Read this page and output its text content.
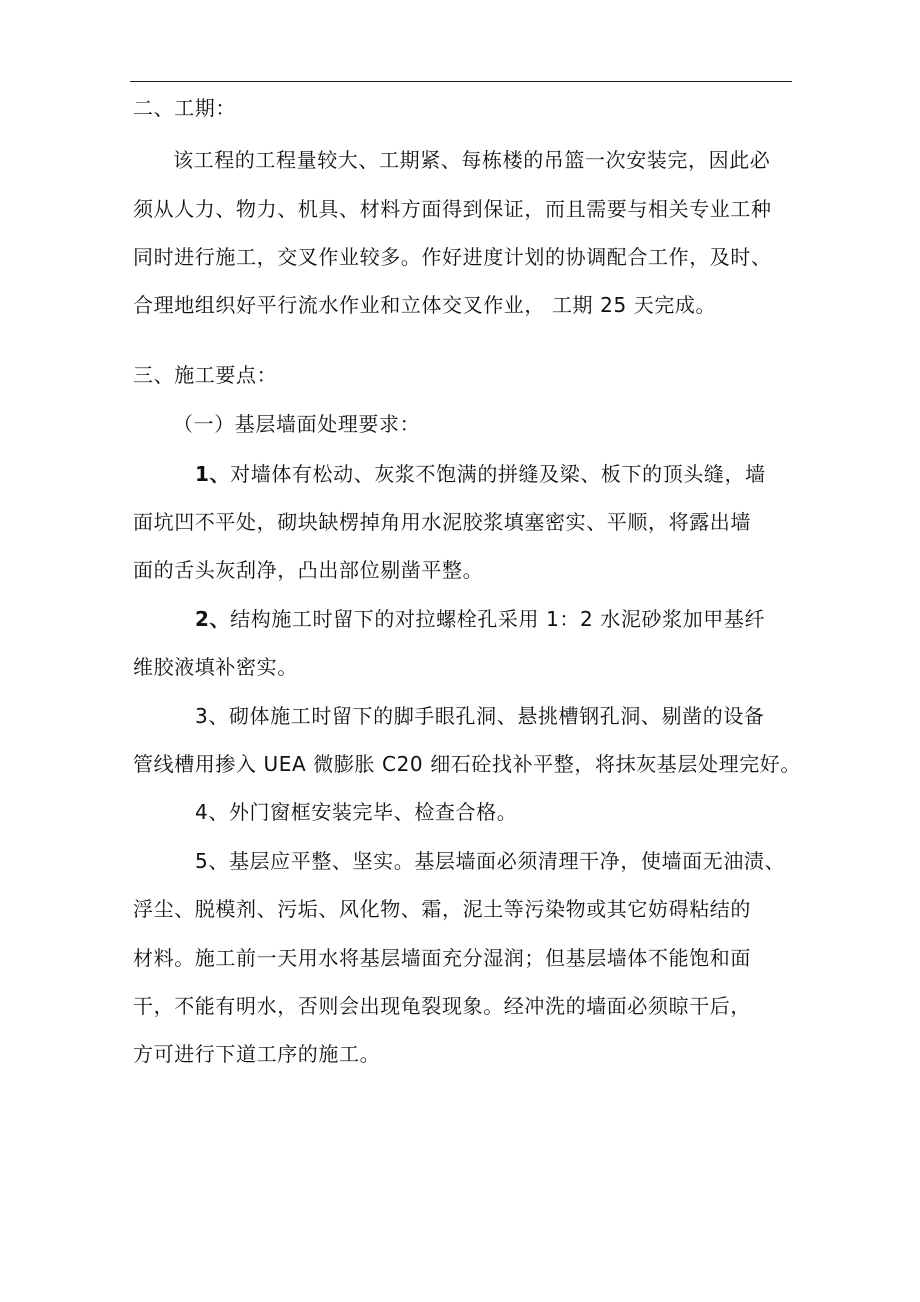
二、工期：
该工程的工程量较大、工期紧、每栋楼的吊篮一次安装完，因此必
须从人力、物力、机具、材料方面得到保证，而且需要与相关专业工种
同时进行施工，交叉作业较多。作好进度计划的协调配合工作，及时、
合理地组织好平行流水作业和立体交叉作业， 工期 25 天完成。
三、施工要点：
（一）基层墙面处理要求：
1、对墙体有松动、灰浆不饱满的拼缝及梁、板下的顶头缝，墙
面坑凹不平处，砌块缺楞掉角用水泥胶浆填塞密实、平顺，将露出墙
面的舌头灰刮净，凸出部位剔凿平整。
2、结构施工时留下的对拉螺栓孔采用 1：2 水泥砂浆加甲基纤
维胶液填补密实。
3、砌体施工时留下的脚手眼孔洞、悬挑槽钢孔洞、剔凿的设备
管线槽用掺入 UEA 微膨胀 C20 细石砼找补平整，将抹灰基层处理完好。
4、外门窗框安装完毕、检查合格。
5、基层应平整、坚实。基层墙面必须清理干净，使墙面无油渍、
浮尘、脱模剂、污垢、风化物、霜，泥土等污染物或其它妨碍粘结的
材料。施工前一天用水将基层墙面充分湿润；但基层墙体不能饱和面
干，不能有明水，否则会出现龟裂现象。经冲洗的墙面必须晾干后，
方可进行下道工序的施工。
